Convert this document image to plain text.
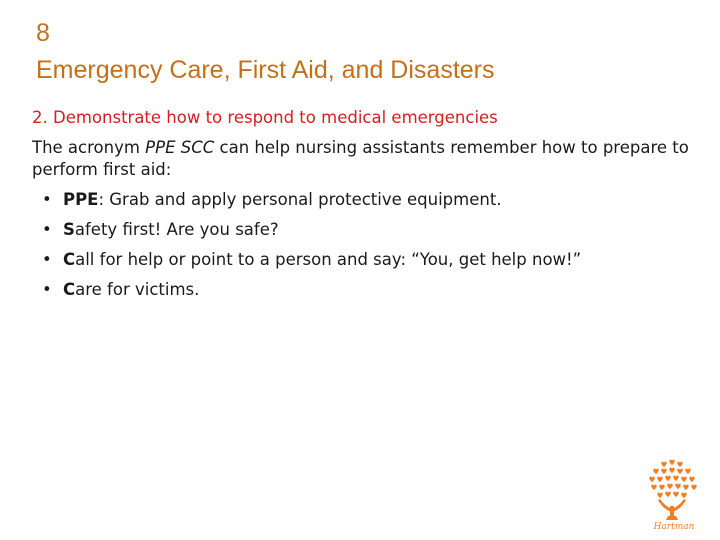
8
Emergency Care, First Aid, and Disasters
2. Demonstrate how to respond to medical emergencies
The acronym PPE SCC can help nursing assistants remember how to prepare to perform first aid:
• PPE: Grab and apply personal protective equipment.
• Safety first! Are you safe?
• Call for help or point to a person and say: “You, get help now!”
• Care for victims.
Hartman
